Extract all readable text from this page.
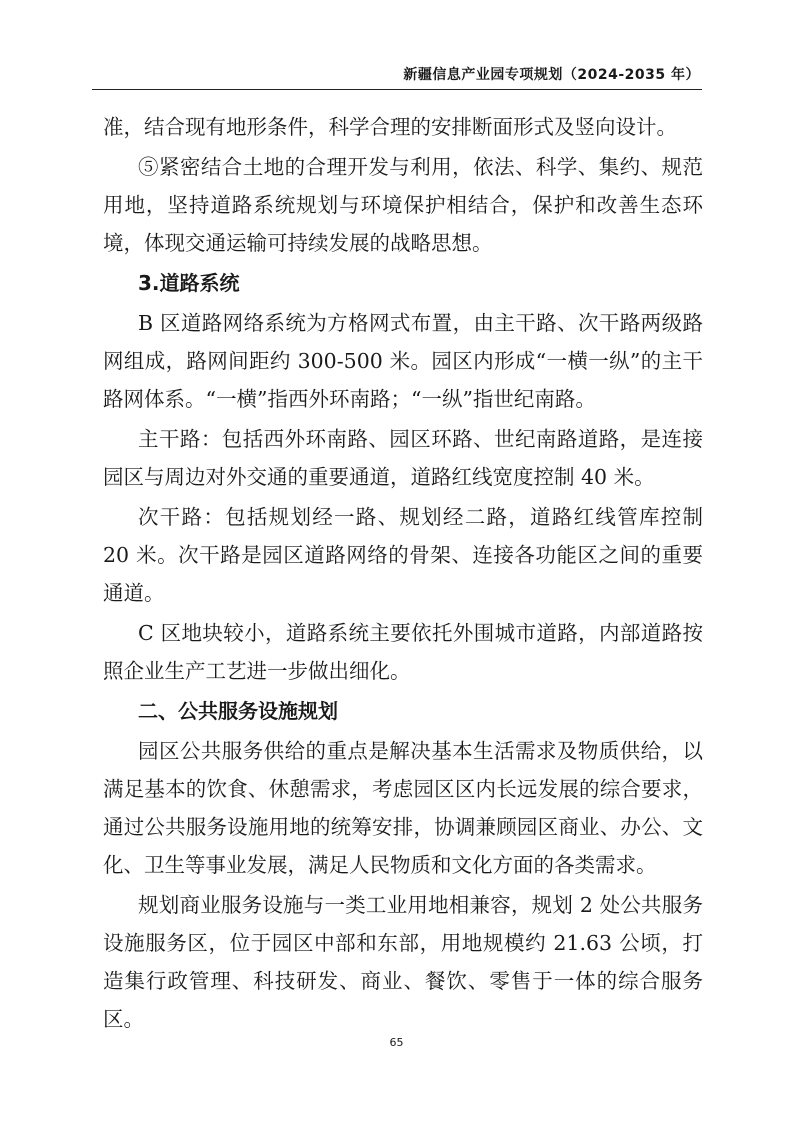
新疆信息产业园专项规划（2024-2035 年）

准，结合现有地形条件，科学合理的安排断面形式及竖向设计。

⑤紧密结合土地的合理开发与利用，依法、科学、集约、规范用地，坚持道路系统规划与环境保护相结合，保护和改善生态环境，体现交通运输可持续发展的战略思想。

3.道路系统

B 区道路网络系统为方格网式布置，由主干路、次干路两级路网组成，路网间距约 300-500 米。园区内形成“一横一纵”的主干路网体系。“一横”指西外环南路；“一纵”指世纪南路。

主干路：包括西外环南路、园区环路、世纪南路道路，是连接园区与周边对外交通的重要通道，道路红线宽度控制 40 米。

次干路：包括规划经一路、规划经二路，道路红线管库控制 20 米。次干路是园区道路网络的骨架、连接各功能区之间的重要通道。

C 区地块较小，道路系统主要依托外围城市道路，内部道路按照企业生产工艺进一步做出细化。

二、公共服务设施规划

园区公共服务供给的重点是解决基本生活需求及物质供给，以满足基本的饮食、休憩需求，考虑园区区内长远发展的综合要求，通过公共服务设施用地的统筹安排，协调兼顾园区商业、办公、文化、卫生等事业发展，满足人民物质和文化方面的各类需求。

规划商业服务设施与一类工业用地相兼容，规划 2 处公共服务设施服务区，位于园区中部和东部，用地规模约 21.63 公顷，打造集行政管理、科技研发、商业、餐饮、零售于一体的综合服务区。

65
